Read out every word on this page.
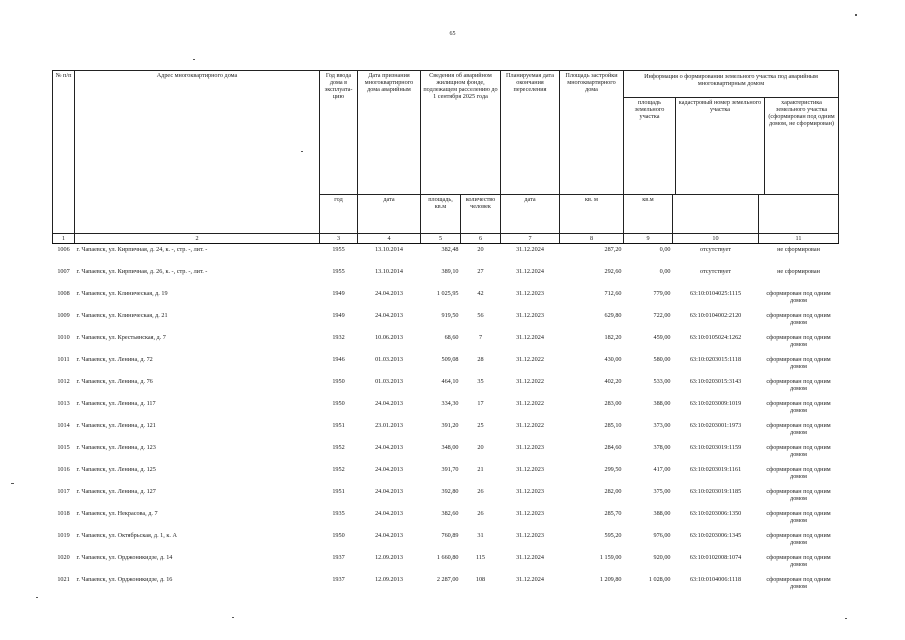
65
№ п/п	Адрес многоквартирного дома	Год ввода дома в эксплуата-цию	Дата признания многоквартирного дома аварийным	Сведения об аварийном жилищном фонде, подлежащем расселению до 1 сентября 2025 года	Планируемая дата окончания переселения	Площадь застройки многоквартирного дома	
Информация о формировании земельного участка под аварийным многоквартирным домом
площадь земельного участка	кадастровый номер земельного участка	характеристика земельного участка (сформирован под одним домом, не сформирован)

год	дата	площадь, кв.м	количество человек	дата	кв. м	кв.м		
1	2	3	4	5	6	7	8	9	10	11
1006	г. Чапаевск, ул. Кирпичная, д. 24, к. -, стр. -, лит. -	1955	13.10.2014	382,48	20	31.12.2024	287,20	0,00	отсутствует	не сформирован
1007	г. Чапаевск, ул. Кирпичная, д. 26, к. -, стр. -, лит. -	1955	13.10.2014	389,10	27	31.12.2024	292,60	0,00	отсутствует	не сформирован
1008	г. Чапаевск, ул. Клиническая, д. 19	1949	24.04.2013	1 025,95	42	31.12.2023	712,60	779,00	63:10:0104025:1115	сформирован под одним домом
1009	г. Чапаевск, ул. Клиническая, д. 21	1949	24.04.2013	919,50	56	31.12.2023	629,80	722,00	63:10:0104002:2120	сформирован под одним домом
1010	г. Чапаевск, ул. Крестьянская, д. 7	1932	10.06.2013	68,60	7	31.12.2024	182,20	459,00	63:10:0105024:1262	сформирован под одним домом
1011	г. Чапаевск, ул. Ленина, д. 72	1946	01.03.2013	509,08	28	31.12.2022	430,00	580,00	63:10:0203015:1118	сформирован под одним домом
1012	г. Чапаевск, ул. Ленина, д. 76	1950	01.03.2013	464,10	35	31.12.2022	402,20	533,00	63:10:0203015:3143	сформирован под одним домом
1013	г. Чапаевск, ул. Ленина, д. 117	1950	24.04.2013	334,30	17	31.12.2022	283,00	388,00	63:10:0203009:1019	сформирован под одним домом
1014	г. Чапаевск, ул. Ленина, д. 121	1951	23.01.2013	391,20	25	31.12.2022	285,10	373,00	63:10:0203001:1973	сформирован под одним домом
1015	г. Чапаевск, ул. Ленина, д. 123	1952	24.04.2013	348,00	20	31.12.2023	284,60	378,00	63:10:0203019:1159	сформирован под одним домом
1016	г. Чапаевск, ул. Ленина, д. 125	1952	24.04.2013	391,70	21	31.12.2023	299,50	417,00	63:10:0203019:1161	сформирован под одним домом
1017	г. Чапаевск, ул. Ленина, д. 127	1951	24.04.2013	392,80	26	31.12.2023	282,00	375,00	63:10:0203019:1185	сформирован под одним домом
1018	г. Чапаевск, ул. Некрасова, д. 7	1935	24.04.2013	382,60	26	31.12.2023	285,70	388,00	63:10:0203006:1350	сформирован под одним домом
1019	г. Чапаевск, ул. Октябрьская, д. 1, к. А	1950	24.04.2013	760,89	31	31.12.2023	595,20	976,00	63:10:0203006:1345	сформирован под одним домом
1020	г. Чапаевск, ул. Орджоникидзе, д. 14	1937	12.09.2013	1 660,80	115	31.12.2024	1 159,00	920,00	63:10:0102008:1074	сформирован под одним домом
1021	г. Чапаевск, ул. Орджоникидзе, д. 16	1937	12.09.2013	2 287,00	108	31.12.2024	1 209,80	1 028,00	63:10:0104006:1118	сформирован под одним домом
